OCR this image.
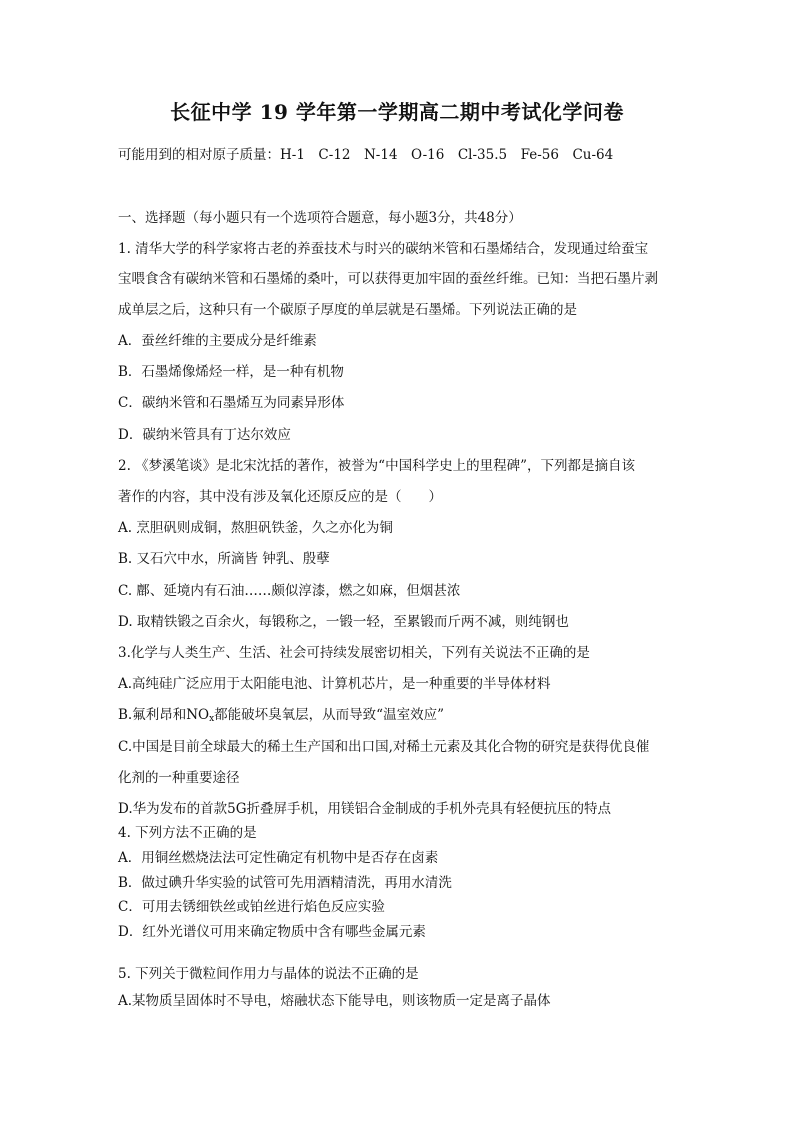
长征中学 19 学年第一学期高二期中考试化学问卷
可能用到的相对原子质量：H-1　C-12　N-14　O-16　Cl-35.5　Fe-56　Cu-64
一、选择题（每小题只有一个选项符合题意，每小题3分，共48分）
1. 清华大学的科学家将古老的养蚕技术与时兴的碳纳米管和石墨烯结合，发现通过给蚕宝
宝喂食含有碳纳米管和石墨烯的桑叶，可以获得更加牢固的蚕丝纤维。已知：当把石墨片剥
成单层之后，这种只有一个碳原子厚度的单层就是石墨烯。下列说法正确的是
A．蚕丝纤维的主要成分是纤维素
B．石墨烯像烯烃一样，是一种有机物
C．碳纳米管和石墨烯互为同素异形体
D．碳纳米管具有丁达尔效应
2. 《梦溪笔谈》是北宋沈括的著作，被誉为“中国科学史上的里程碑”，下列都是摘自该
著作的内容，其中没有涉及氧化还原反应的是（　　）
A. 烹胆矾则成铜，熬胆矾铁釜，久之亦化为铜
B. 又石穴中水，所滴皆 钟乳、殷孽
C. 鄜、延境内有石油……颇似淳漆，燃之如麻，但烟甚浓
D. 取精铁锻之百余火，每锻称之，一锻一轻，至累锻而斤两不减，则纯钢也
3.化学与人类生产、生活、社会可持续发展密切相关，下列有关说法不正确的是
A.高纯硅广泛应用于太阳能电池、计算机芯片，是一种重要的半导体材料
B.氟利昂和$NO_x$都能破坏臭氧层，从而导致“温室效应”
C.中国是目前全球最大的稀土生产国和出口国,对稀土元素及其化合物的研究是获得优良催
化剂的一种重要途径
D.华为发布的首款5G折叠屏手机，用镁铝合金制成的手机外壳具有轻便抗压的特点
4. 下列方法不正确的是
A．用铜丝燃烧法法可定性确定有机物中是否存在卤素
B．做过碘升华实验的试管可先用酒精清洗，再用水清洗
C．可用去锈细铁丝或铂丝进行焰色反应实验
D．红外光谱仪可用来确定物质中含有哪些金属元素
5. 下列关于微粒间作用力与晶体的说法不正确的是
A.某物质呈固体时不导电，熔融状态下能导电，则该物质一定是离子晶体
